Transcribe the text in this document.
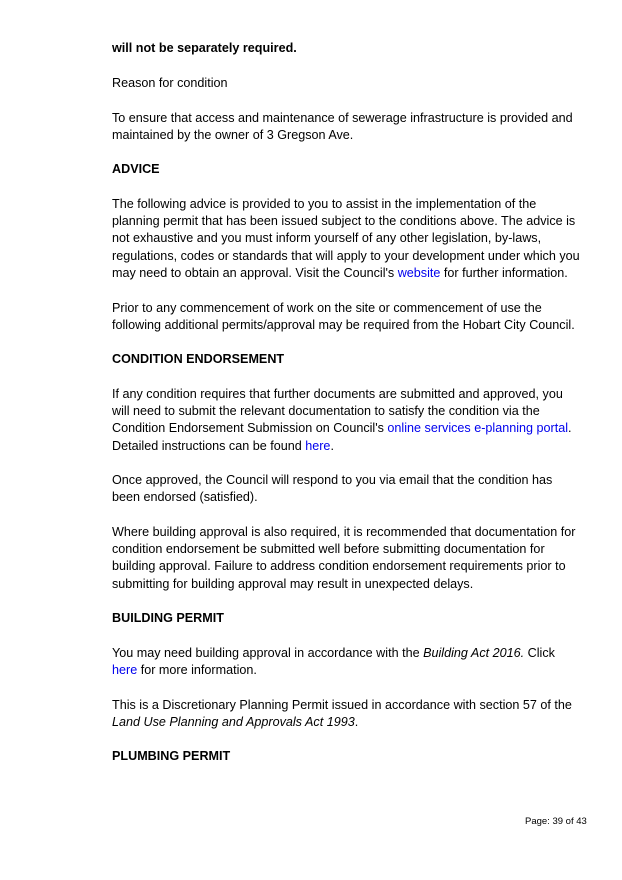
will not be separately required.

Reason for condition

To ensure that access and maintenance of sewerage infrastructure is provided and maintained by the owner of 3 Gregson Ave.

ADVICE

The following advice is provided to you to assist in the implementation of the planning permit that has been issued subject to the conditions above. The advice is not exhaustive and you must inform yourself of any other legislation, by-laws, regulations, codes or standards that will apply to your development under which you may need to obtain an approval. Visit the Council's website for further information.

Prior to any commencement of work on the site or commencement of use the following additional permits/approval may be required from the Hobart City Council.

CONDITION ENDORSEMENT

If any condition requires that further documents are submitted and approved, you will need to submit the relevant documentation to satisfy the condition via the Condition Endorsement Submission on Council's online services e-planning portal. Detailed instructions can be found here.

Once approved, the Council will respond to you via email that the condition has been endorsed (satisfied).

Where building approval is also required, it is recommended that documentation for condition endorsement be submitted well before submitting documentation for building approval. Failure to address condition endorsement requirements prior to submitting for building approval may result in unexpected delays.

BUILDING PERMIT

You may need building approval in accordance with the Building Act 2016. Click
here for more information.

This is a Discretionary Planning Permit issued in accordance with section 57 of the Land Use Planning and Approvals Act 1993.

PLUMBING PERMIT

Page: 39 of 43
